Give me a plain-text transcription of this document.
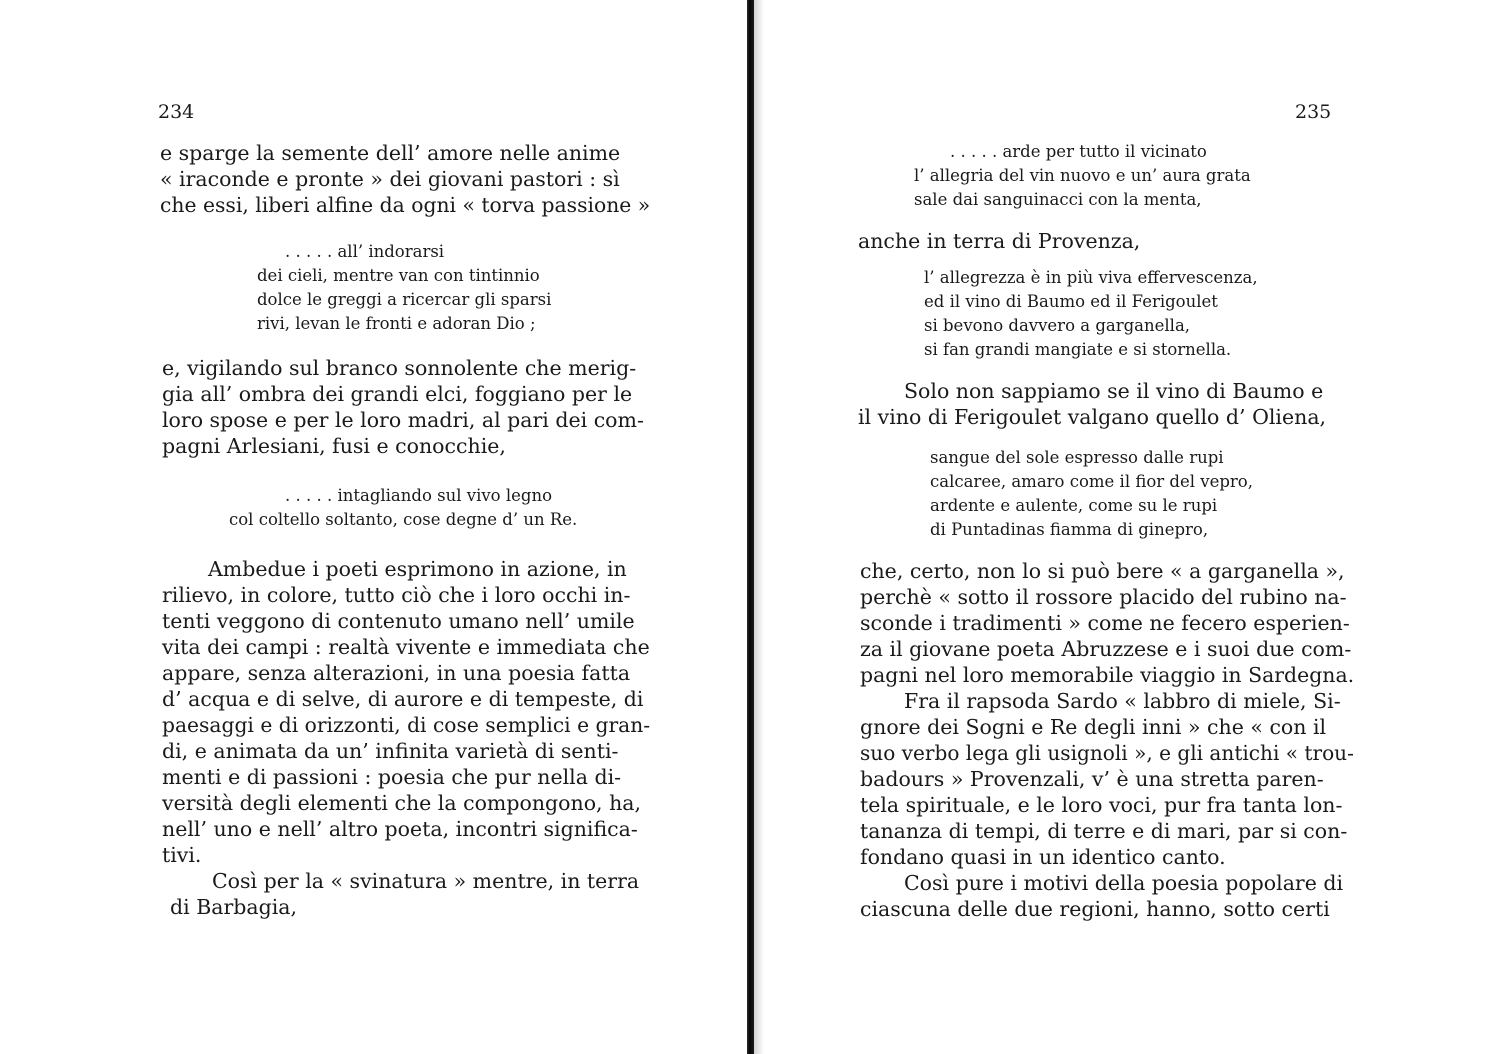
234
e sparge la semente dell’ amore nelle anime
« iraconde e pronte » dei giovani pastori : sì
che essi, liberi alfine da ogni « torva passione »
. . . . . all’ indorarsi
dei cieli, mentre van con tintinnio
dolce le greggi a ricercar gli sparsi
rivi, levan le fronti e adoran Dio ;
e, vigilando sul branco sonnolente che merig-
gia all’ ombra dei grandi elci, foggiano per le
loro spose e per le loro madri, al pari dei com-
pagni Arlesiani, fusi e conocchie,
. . . . . intagliando sul vivo legno
col coltello soltanto, cose degne d’ un Re.
Ambedue i poeti esprimono in azione, in
rilievo, in colore, tutto ciò che i loro occhi in-
tenti veggono di contenuto umano nell’ umile
vita dei campi : realtà vivente e immediata che
appare, senza alterazioni, in una poesia fatta
d’ acqua e di selve, di aurore e di tempeste, di
paesaggi e di orizzonti, di cose semplici e gran-
di, e animata da un’ infinita varietà di senti-
menti e di passioni : poesia che pur nella di-
versità degli elementi che la compongono, ha,
nell’ uno e nell’ altro poeta, incontri significa-
tivi.
Così per la « svinatura » mentre, in terra
di Barbagia,
235
. . . . . arde per tutto il vicinato
l’ allegria del vin nuovo e un’ aura grata
sale dai sanguinacci con la menta,
anche in terra di Provenza,
l’ allegrezza è in più viva effervescenza,
ed il vino di Baumo ed il Ferigoulet
si bevono davvero a garganella,
si fan grandi mangiate e si stornella.
Solo non sappiamo se il vino di Baumo e
il vino di Ferigoulet valgano quello d’ Oliena,
sangue del sole espresso dalle rupi
calcaree, amaro come il fior del vepro,
ardente e aulente, come su le rupi
di Puntadinas fiamma di ginepro,
che, certo, non lo si può bere « a garganella »,
perchè « sotto il rossore placido del rubino na-
sconde i tradimenti » come ne fecero esperien-
za il giovane poeta Abruzzese e i suoi due com-
pagni nel loro memorabile viaggio in Sardegna.
Fra il rapsoda Sardo « labbro di miele, Si-
gnore dei Sogni e Re degli inni » che « con il
suo verbo lega gli usignoli », e gli antichi « trou-
badours » Provenzali, v’ è una stretta paren-
tela spirituale, e le loro voci, pur fra tanta lon-
tananza di tempi, di terre e di mari, par si con-
fondano quasi in un identico canto.
Così pure i motivi della poesia popolare di
ciascuna delle due regioni, hanno, sotto certi
